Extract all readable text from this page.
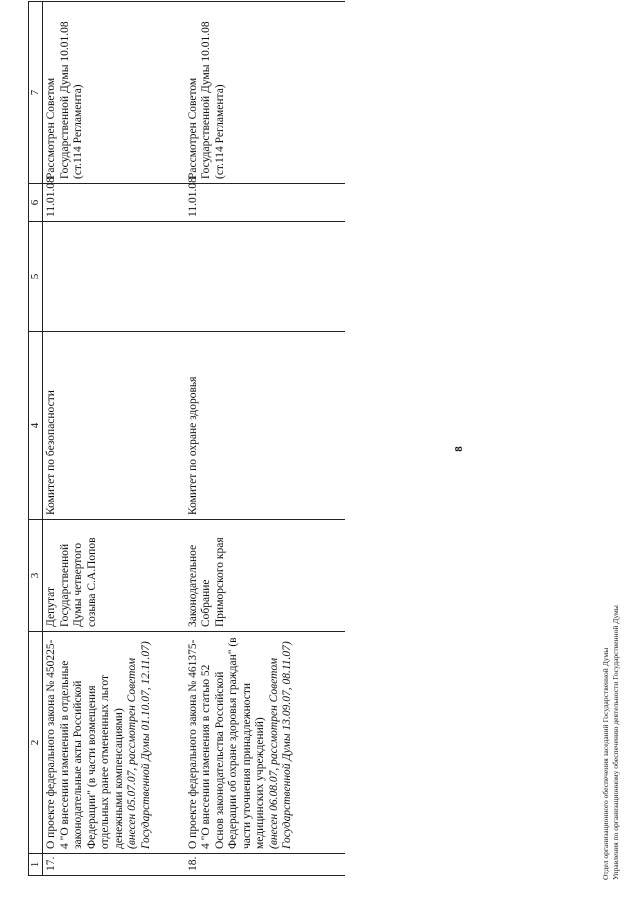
8
1	2	3	4	5	6	7
17.	О проекте федерального закона № 450225-4 "О внесении изменений в отдельные законодательные акты Российской Федерации" (в части возмещения отдельных ранее отмененных льгот денежными компенсациями) (внесен 05.07.07, рассмотрен Советом Государственной Думы 01.10.07, 12.11.07)	Депутат Государственной Думы четвертого созыва С.А.Попов	Комитет по безопасности		11.01.08	Рассмотрен Советом Государственной Думы 10.01.08 (ст.114 Регламента)
18.	О проекте федерального закона № 461375-4 "О внесении изменения в статью 52 Основ законодательства Российской Федерации об охране здоровья граждан" (в части уточнения принадлежности медицинских учреждений) (внесен 06.08.07, рассмотрен Советом Государственной Думы 13.09.07, 08.11.07)	Законодательное Собрание Приморского края	Комитет по охране здоровья		11.01.08	Рассмотрен Советом Государственной Думы 10.01.08 (ст.114 Регламента)
Отдел организационного обеспечения заседаний Государственной Думы Управления по организационному обеспечению деятельности Государственной Думы
